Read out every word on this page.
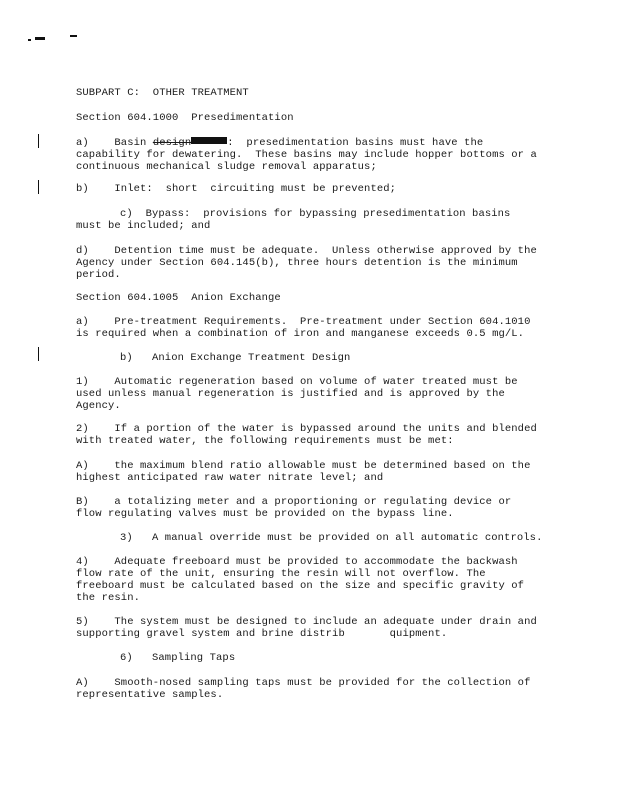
SUBPART C:  OTHER TREATMENT
Section 604.1000  Presedimentation
a)    Basin design	:  presedimentation basins must have the
capability for dewatering.  These basins may include hopper bottoms or a
continuous mechanical sludge removal apparatus;
b)    Inlet:  short  circuiting must be prevented;
c)  Bypass:  provisions for bypassing presedimentation basins
must be included; and
d)    Detention time must be adequate.  Unless otherwise approved by the
Agency under Section 604.145(b), three hours detention is the minimum
period.
Section 604.1005  Anion Exchange
a)    Pre-treatment Requirements.  Pre-treatment under Section 604.1010
is required when a combination of iron and manganese exceeds 0.5 mg/L.
b)   Anion Exchange Treatment Design
1)    Automatic regeneration based on volume of water treated must be
used unless manual regeneration is justified and is approved by the
Agency.
2)    If a portion of the water is bypassed around the units and blended
with treated water, the following requirements must be met:
A)    the maximum blend ratio allowable must be determined based on the
highest anticipated raw water nitrate level; and
B)    a totalizing meter and a proportioning or regulating device or
flow regulating valves must be provided on the bypass line.
3)   A manual override must be provided on all automatic controls.
4)    Adequate freeboard must be provided to accommodate the backwash
flow rate of the unit, ensuring the resin will not overflow. The
freeboard must be calculated based on the size and specific gravity of
the resin.
5)    The system must be designed to include an adequate under drain and
supporting gravel system and brine distrib       quipment.
6)   Sampling Taps
A)    Smooth-nosed sampling taps must be provided for the collection of
representative samples.
